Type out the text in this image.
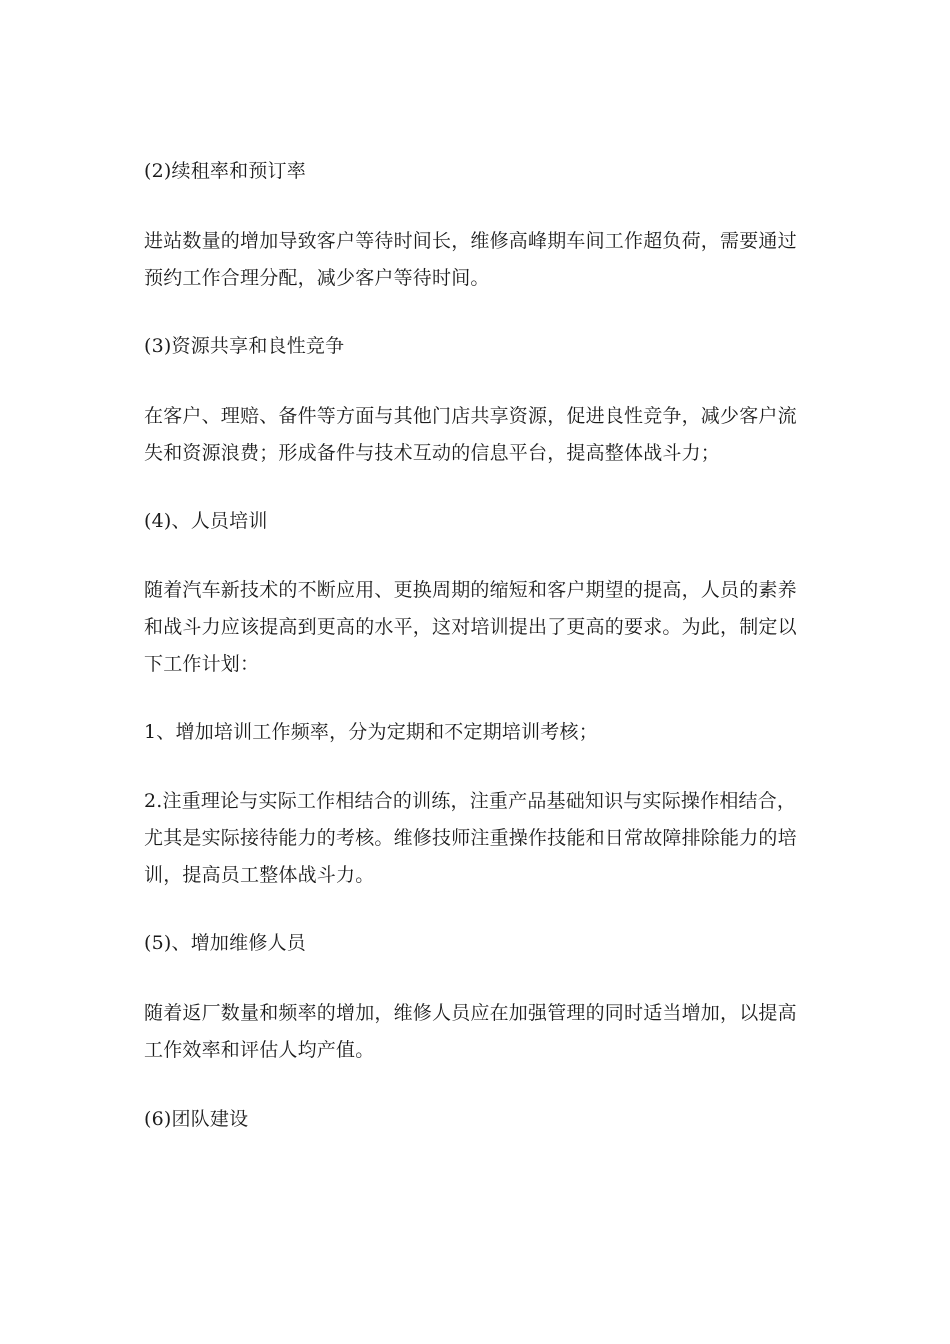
(2)续租率和预订率
进站数量的增加导致客户等待时间长，维修高峰期车间工作超负荷，需要通过
预约工作合理分配，减少客户等待时间。
(3)资源共享和良性竞争
在客户、理赔、备件等方面与其他门店共享资源，促进良性竞争，减少客户流
失和资源浪费；形成备件与技术互动的信息平台，提高整体战斗力；
(4)、人员培训
随着汽车新技术的不断应用、更换周期的缩短和客户期望的提高，人员的素养
和战斗力应该提高到更高的水平，这对培训提出了更高的要求。为此，制定以
下工作计划：
1、增加培训工作频率，分为定期和不定期培训考核；
2.注重理论与实际工作相结合的训练，注重产品基础知识与实际操作相结合，
尤其是实际接待能力的考核。维修技师注重操作技能和日常故障排除能力的培
训，提高员工整体战斗力。
(5)、增加维修人员
随着返厂数量和频率的增加，维修人员应在加强管理的同时适当增加，以提高
工作效率和评估人均产值。
(6)团队建设
